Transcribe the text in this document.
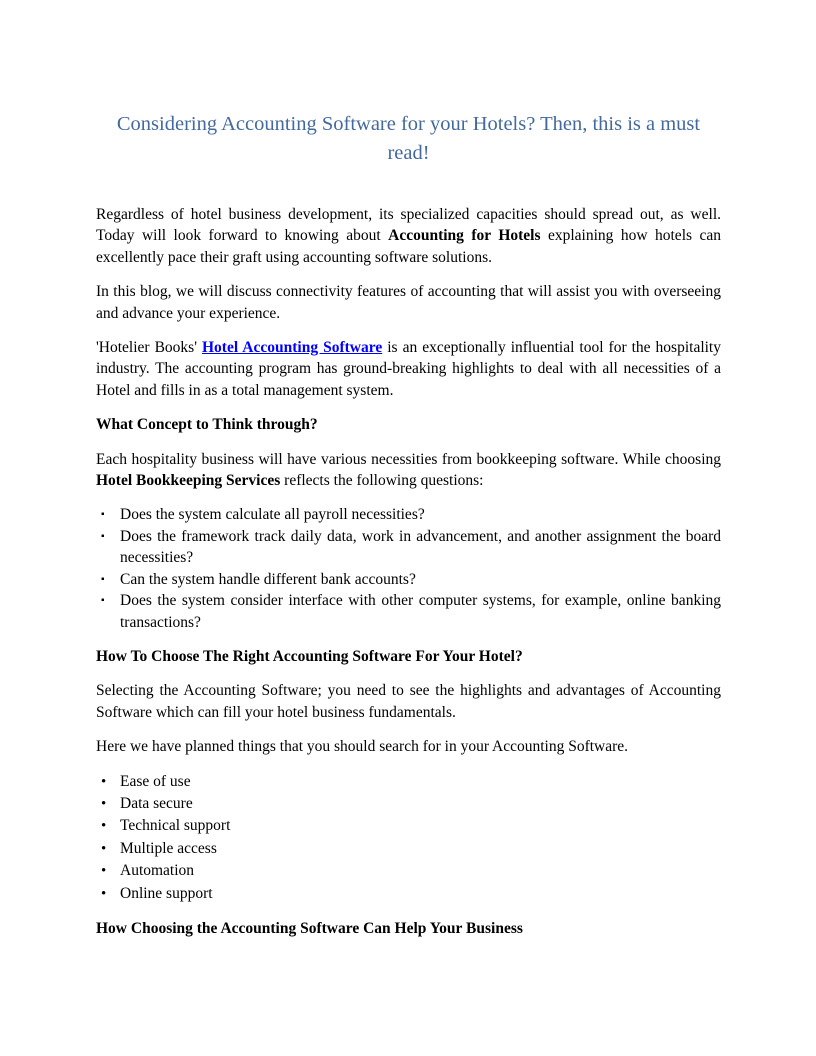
Considering Accounting Software for your Hotels? Then, this is a must read!

Regardless of hotel business development, its specialized capacities should spread out, as well. Today will look forward to knowing about Accounting for Hotels explaining how hotels can excellently pace their graft using accounting software solutions.

In this blog, we will discuss connectivity features of accounting that will assist you with overseeing and advance your experience.

'Hotelier Books' Hotel Accounting Software is an exceptionally influential tool for the hospitality industry. The accounting program has ground-breaking highlights to deal with all necessities of a Hotel and fills in as a total management system.

What Concept to Think through?

Each hospitality business will have various necessities from bookkeeping software. While choosing Hotel Bookkeeping Services reflects the following questions:

▪ Does the system calculate all payroll necessities?
▪ Does the framework track daily data, work in advancement, and another assignment the board necessities?
▪ Can the system handle different bank accounts?
▪ Does the system consider interface with other computer systems, for example, online banking transactions?
How To Choose The Right Accounting Software For Your Hotel?

Selecting the Accounting Software; you need to see the highlights and advantages of Accounting Software which can fill your hotel business fundamentals.

Here we have planned things that you should search for in your Accounting Software.

• Ease of use
• Data secure
• Technical support
• Multiple access
• Automation
• Online support
How Choosing the Accounting Software Can Help Your Business
